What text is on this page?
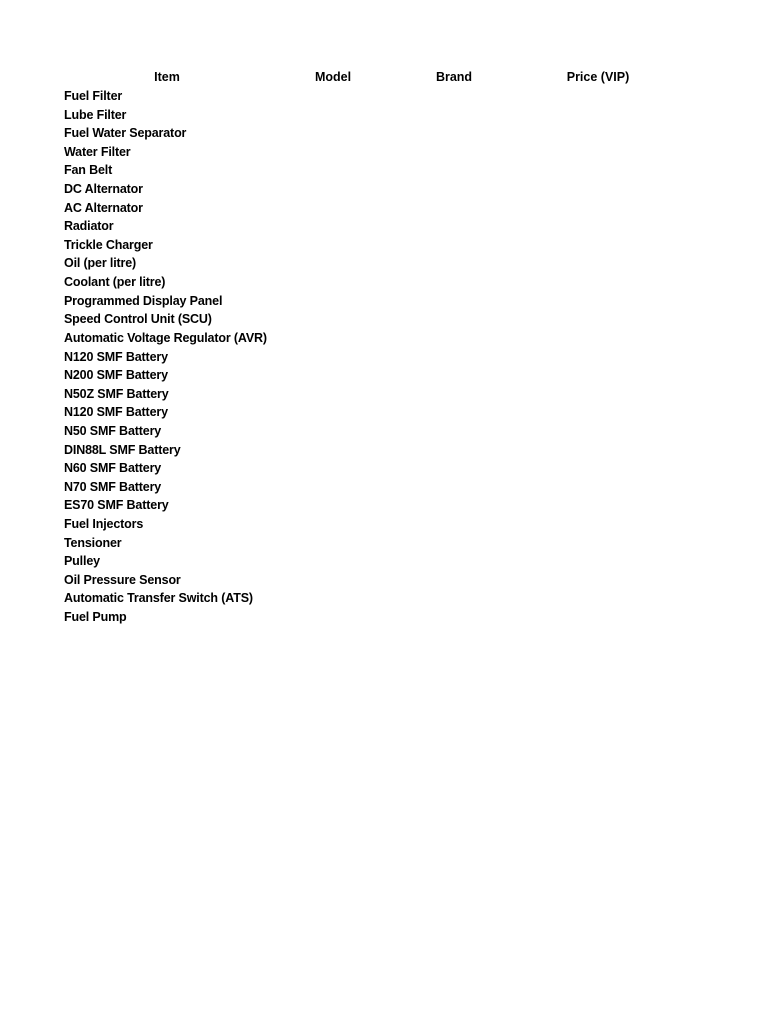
Item	Model	Brand	Price (VIP)
Fuel Filter
Lube Filter
Fuel Water Separator
Water Filter
Fan Belt
DC Alternator
AC Alternator
Radiator
Trickle Charger
Oil (per litre)
Coolant (per litre)
Programmed Display Panel
Speed Control Unit (SCU)
Automatic Voltage Regulator (AVR)
N120 SMF Battery
N200 SMF Battery
N50Z SMF Battery
N120 SMF Battery
N50 SMF Battery
DIN88L SMF Battery
N60 SMF Battery
N70 SMF Battery
ES70 SMF Battery
Fuel Injectors
Tensioner
Pulley
Oil Pressure Sensor
Automatic Transfer Switch (ATS)
Fuel Pump
